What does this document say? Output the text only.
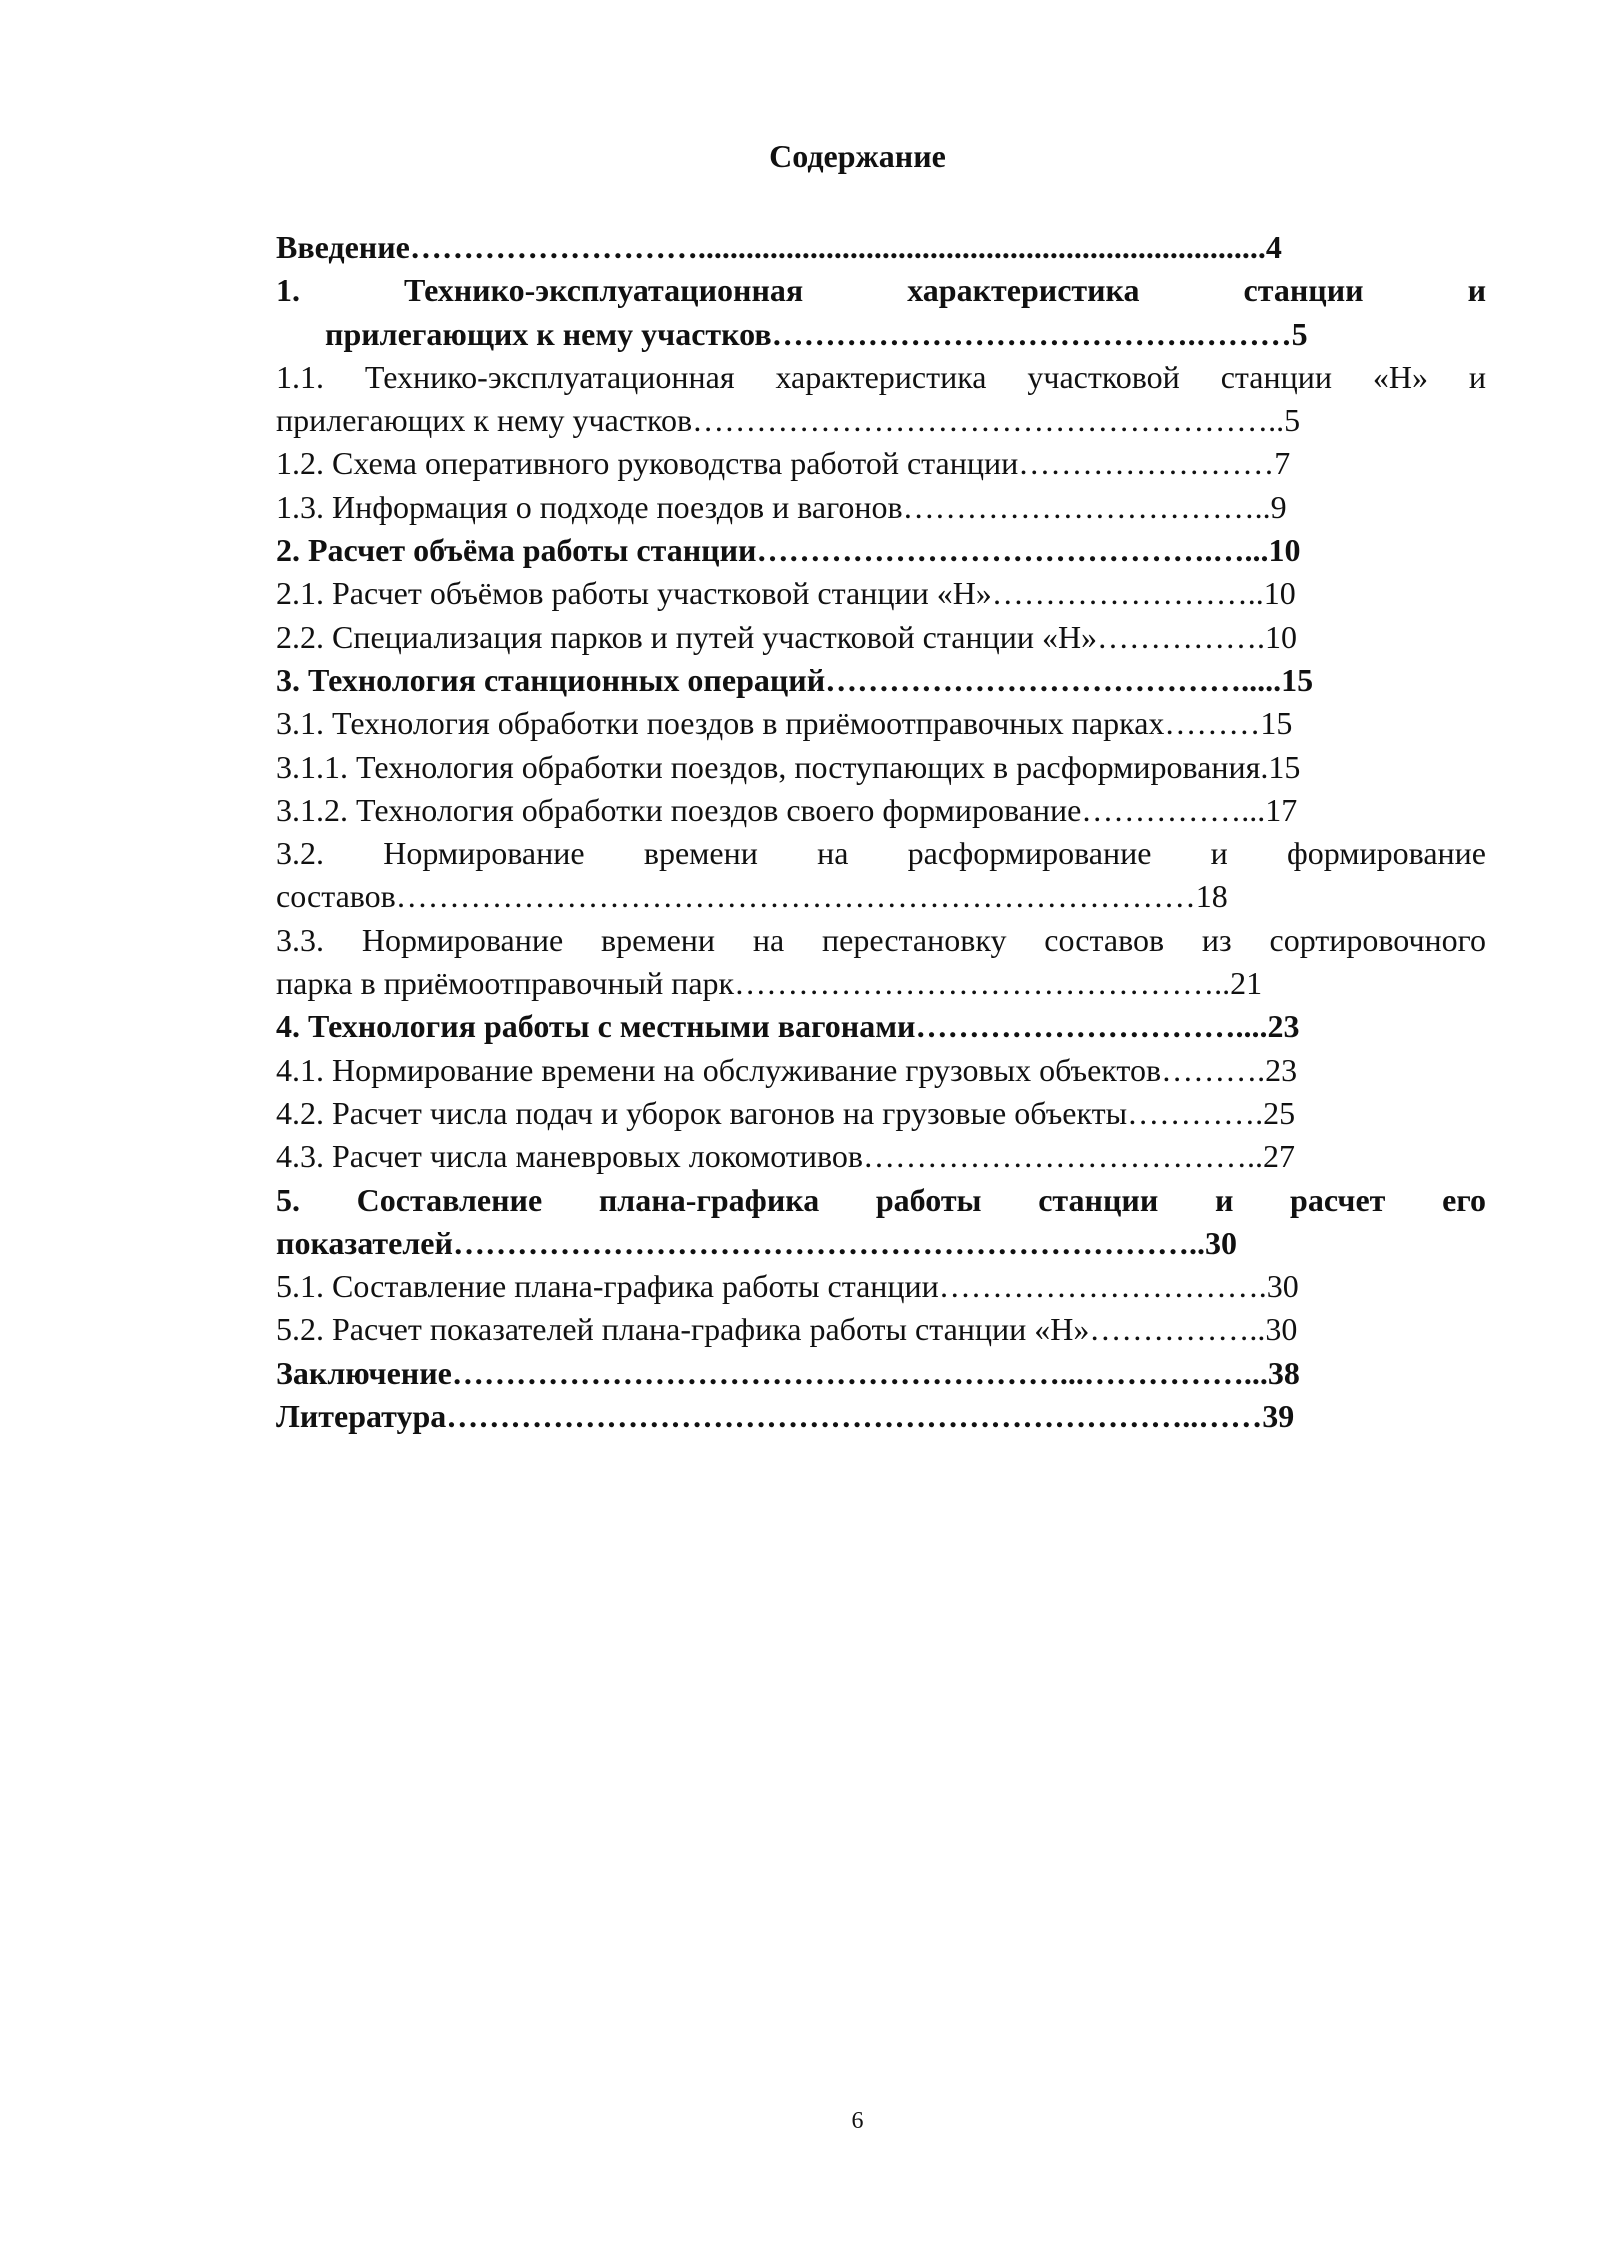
Содержание
Введение……………………….......................................................................4
1. Технико-эксплуатационная характеристика станции и
прилегающих к нему участков………………………………….………5
1.1. Технико-эксплуатационная характеристика участковой станции «Н» и
прилегающих к нему участков………………………………………………..5
1.2. Схема оперативного руководства работой станции……………………7
1.3. Информация о подходе поездов и вагонов……………………………..9
2. Расчет объёма работы станции…………………………………….…...10
2.1. Расчет объёмов работы участковой станции «Н»……………………..10
2.2. Специализация парков и путей участковой станции «Н»…………….10
3. Технология станционных операций………………………………….....15
3.1. Технология обработки поездов в приёмоотправочных парках………15
3.1.1. Технология обработки поездов, поступающих в расформирования.15
3.1.2. Технология обработки поездов своего формирование……………...17
3.2. Нормирование времени на расформирование и формирование
составов…………………………………………………………………18
3.3. Нормирование времени на перестановку составов из сортировочного
парка в приёмоотправочный парк………………………………………..21
4. Технология работы с местными вагонами…………………………....23
4.1. Нормирование времени на обслуживание грузовых объектов……….23
4.2. Расчет числа подач и уборок вагонов на грузовые объекты………….25
4.3. Расчет числа маневровых локомотивов………………………………..27
5. Составление плана-графика работы станции и расчет его
показателей……………………………………………………………..30
5.1. Составление плана-графика работы станции………………………….30
5.2. Расчет показателей плана-графика работы станции «Н»……………..30
Заключение…………………………………………………...……………...38
Литература……………………………………………………………..……39
6
